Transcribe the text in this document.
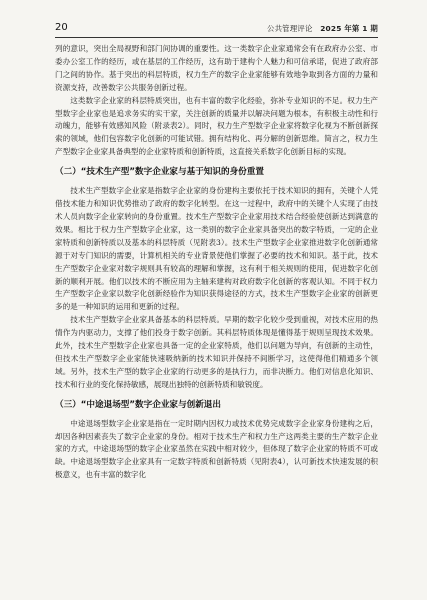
20	公共管理评论 2025 年第 1 期

列的意识，突出全局视野和部门间协调的重要性。这一类数字企业家通常会有在政府办公室、市委办公室工作的经历，或在基层的工作经历，这有助于建构个人魅力和可信承诺，促进了政府部门之间的协作。基于突出的科层特质，权力生产的数字企业家能够有效地争取到各方面的力量和资源支持，改善数字公共服务创新过程。

这类数字企业家的科层特质突出，也有丰富的数字化经验，弥补专业知识的不足。权力生产型数字企业家也是追求务实的实干家，关注创新的质量并以解决问题为根本，有积极主动性和行动魄力，能够有效感知风险（附录表2）。同时，权力生产型数字企业家将数字化视为不断创新探索的领域，他们包容数字化创新的可能试错。拥有结构化、再分解的创新思维。简言之，权力生产型数字企业家具备典型的企业家特质和创新特质，这直接关系数字化创新目标的实现。

（二）“技术生产型”数字企业家与基于知识的身份重置

技术生产型数字企业家是指数字企业家的身份建构主要依托于技术知识的拥有，关键个人凭借技术能力和知识优势推动了政府的数字化转型。在这一过程中，政府中的关键个人实现了由技术人员向数字企业家转向的身份重置。技术生产型数字企业家用技术结合经验使创新达到满意的效果。相比于权力生产型数字企业家，这一类别的数字企业家具备突出的数字特质，一定的企业家特质和创新特质以及基本的科层特质（见附表3）。技术生产型数字企业家推进数字化创新通常源于对专门知识的需要，计算机相关的专业背景使他们掌握了必要的技术和知识。基于此，技术生产型数字企业家对数字规则具有较高的理解和掌握，这有利于相关规则的使用，促进数字化创新的顺利开展。他们以技术的不断应用为主轴来建构对政府数字化创新的客观认知。不同于权力生产型数字企业家以数字化创新经验作为知识获得途径的方式，技术生产型数字企业家的创新更多的是一种知识的运用和更新的过程。

技术生产型数字企业家具备基本的科层特质。早期的数字化较少受到重视，对技术应用的热情作为内驱动力，支撑了他们投身于数字创新。其科层特质体现是懂得基于规则呈现技术效果。此外，技术生产型数字企业家也具备一定的企业家特质，他们以问题为导向，有创新的主动性，但技术生产型数字企业家能快速吸纳新的技术知识并保持不间断学习，这使得他们精通多个领域。另外，技术生产型的数字企业家的行动更多的是执行力，而非决断力。他们对信息化知识、技术和行业的变化保持敏感，展现出独特的创新特质和敏锐度。

（三）“中途退场型”数字企业家与创新退出

中途退场型数字企业家是指在一定时期内因权力或技术优势完成数字企业家身份建构之后，却因各种因素丧失了数字企业家的身份。相对于技术生产和权力生产这两类主要的生产数字企业家的方式，中途退场型的数字企业家虽然在实践中相对较少，但体现了数字企业家的特质不可或缺。中途退场型数字企业家具有一定数字特质和创新特质（见附表4），认可新技术快速发展的积极意义，也有丰富的数字化
